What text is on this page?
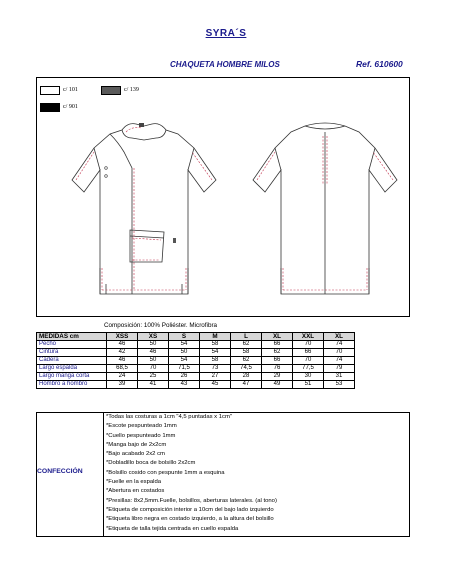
SYRA´S
CHAQUETA HOMBRE MILOS	Ref. 610600
c/ 101	c/ 139
c/ 901
Composición: 100% Poliéster. Microfibra
MEDIDAS cm	XSS	XS	S	M	L	XL	XXL	XL
Pecho	46	50	54	58	62	66	70	74
Cintura	42	46	50	54	58	62	66	70
Cadera	46	50	54	58	62	66	70	74
Largo espalda	68,5	70	71,5	73	74,5	76	77,5	79
Largo manga corta	24	25	26	27	28	29	30	31
Hombro a hombro	39	41	43	45	47	49	51	53
CONFECCIÓN
*Todas las costuras a 1cm "4,5 puntadas x 1cm"
*Escote pespunteado 1mm
*Cuello pespunteado 1mm
*Manga bajo de 2x2cm
*Bajo acabado 2x2 cm
*Dobladillo boca de bolsillo 2x2cm
*Bolsillo cosido con pespunte 1mm a esquina
*Fuelle en la espalda
*Abertura en costados
*Presillas: 8x2,5mm.Fuelle, bolsillos, aberturas laterales. (al tono)
*Etiqueta de composición interior a 10cm del bajo lado izquierdo
*Etiqueta libro negra en costado izquierdo, a la altura del bolsillo
*Etiqueta de talla tejida centrada en cuello espalda
